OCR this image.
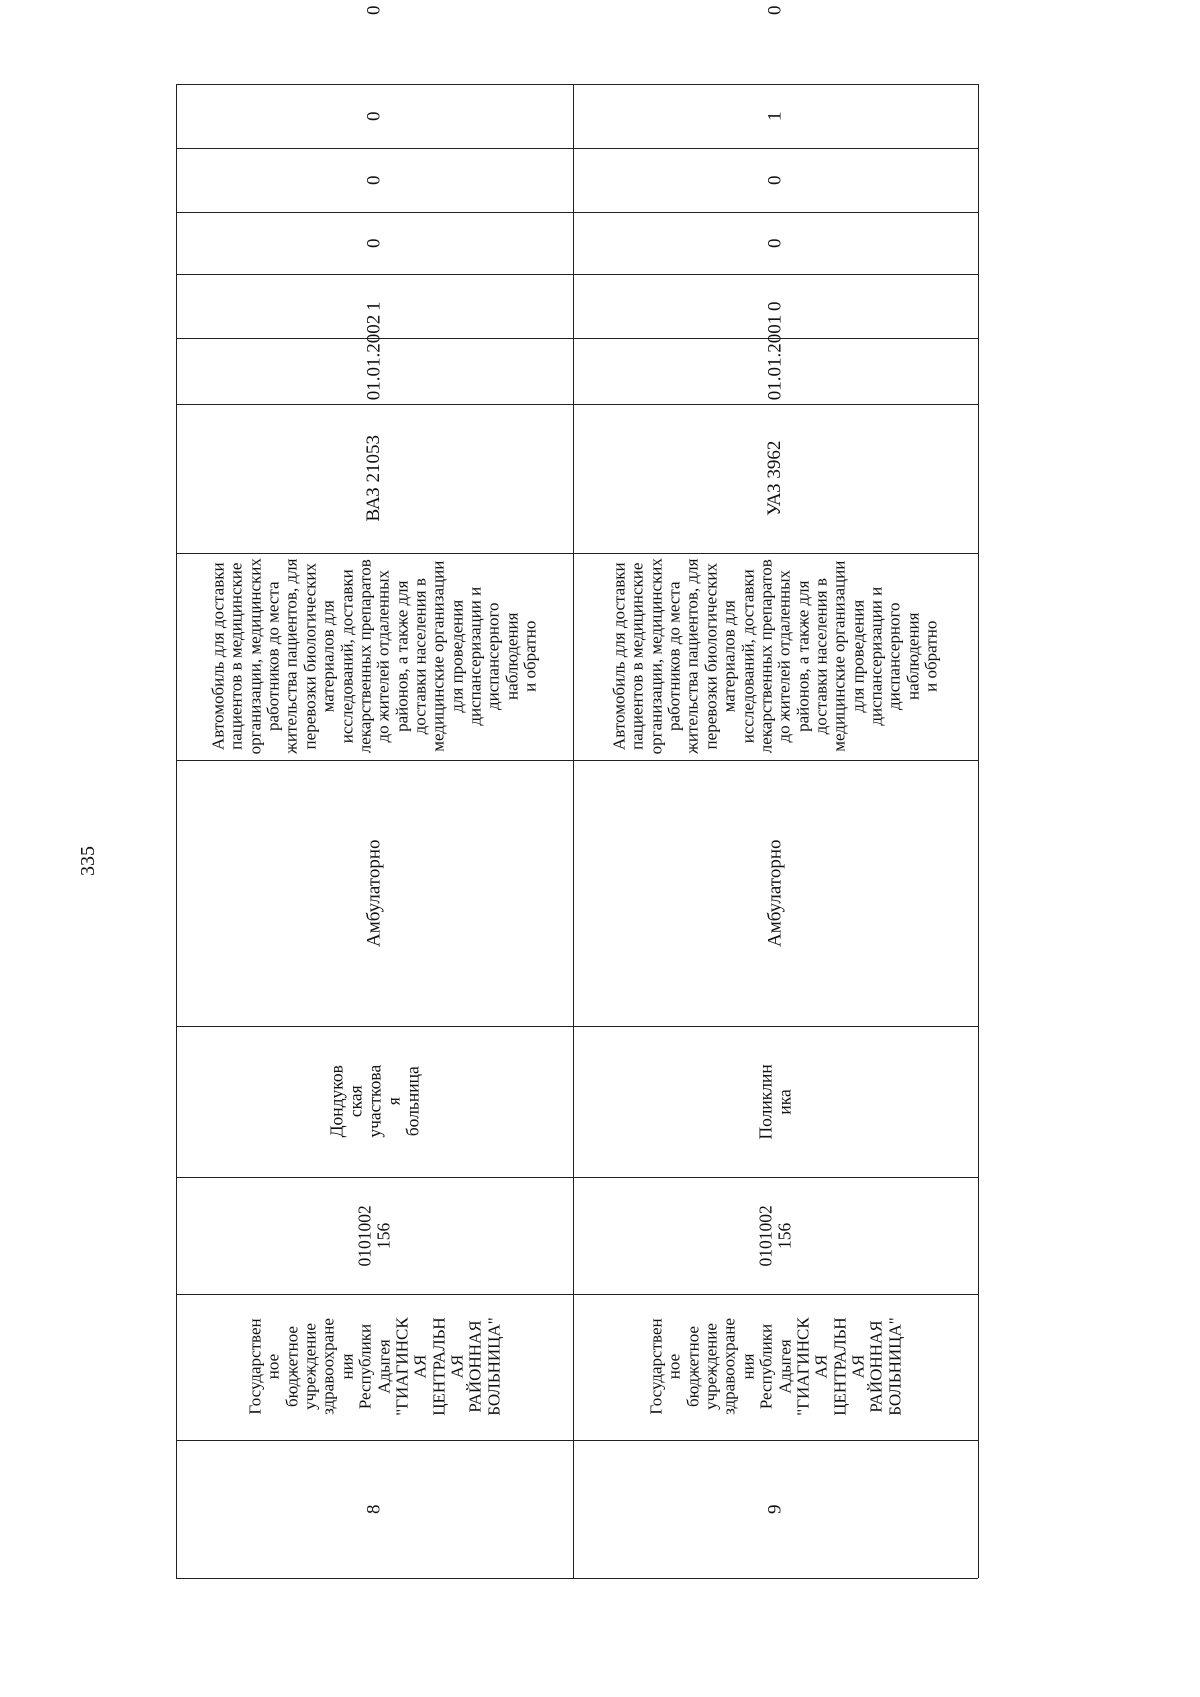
335
8
Государствен
ное
бюджетное
учреждение
здравоохране
ния
Республики
Адыгея
"ГИАГИНСК
АЯ
ЦЕНТРАЛЬН
АЯ
РАЙОННАЯ
БОЛЬНИЦА"
0101002
156
Дондуков
ская
участкова
я
больница
Амбулаторно
Автомобиль для доставки
пациентов в медицинские
организации, медицинских
работников до места
жительства пациентов, для
перевозки биологических
материалов для
исследований, доставки
лекарственных препаратов
до жителей отдаленных
районов, а также для
доставки населения в
медицинские организации
для проведения
диспансеризации и
диспансерного наблюдения
и обратно
ВАЗ 21053
01.01.2002
1
0
0
0
0
9
Государствен
ное
бюджетное
учреждение
здравоохране
ния
Республики
Адыгея
"ГИАГИНСК
АЯ
ЦЕНТРАЛЬН
АЯ
РАЙОННАЯ
БОЛЬНИЦА"
0101002
156
Поликлин
ика
Амбулаторно
Автомобиль для доставки
пациентов в медицинские
организации, медицинских
работников до места
жительства пациентов, для
перевозки биологических
материалов для
исследований, доставки
лекарственных препаратов
до жителей отдаленных
районов, а также для
доставки населения в
медицинские организации
для проведения
диспансеризации и
диспансерного наблюдения
и обратно
УАЗ 3962
01.01.2001
0
0
0
1
0
